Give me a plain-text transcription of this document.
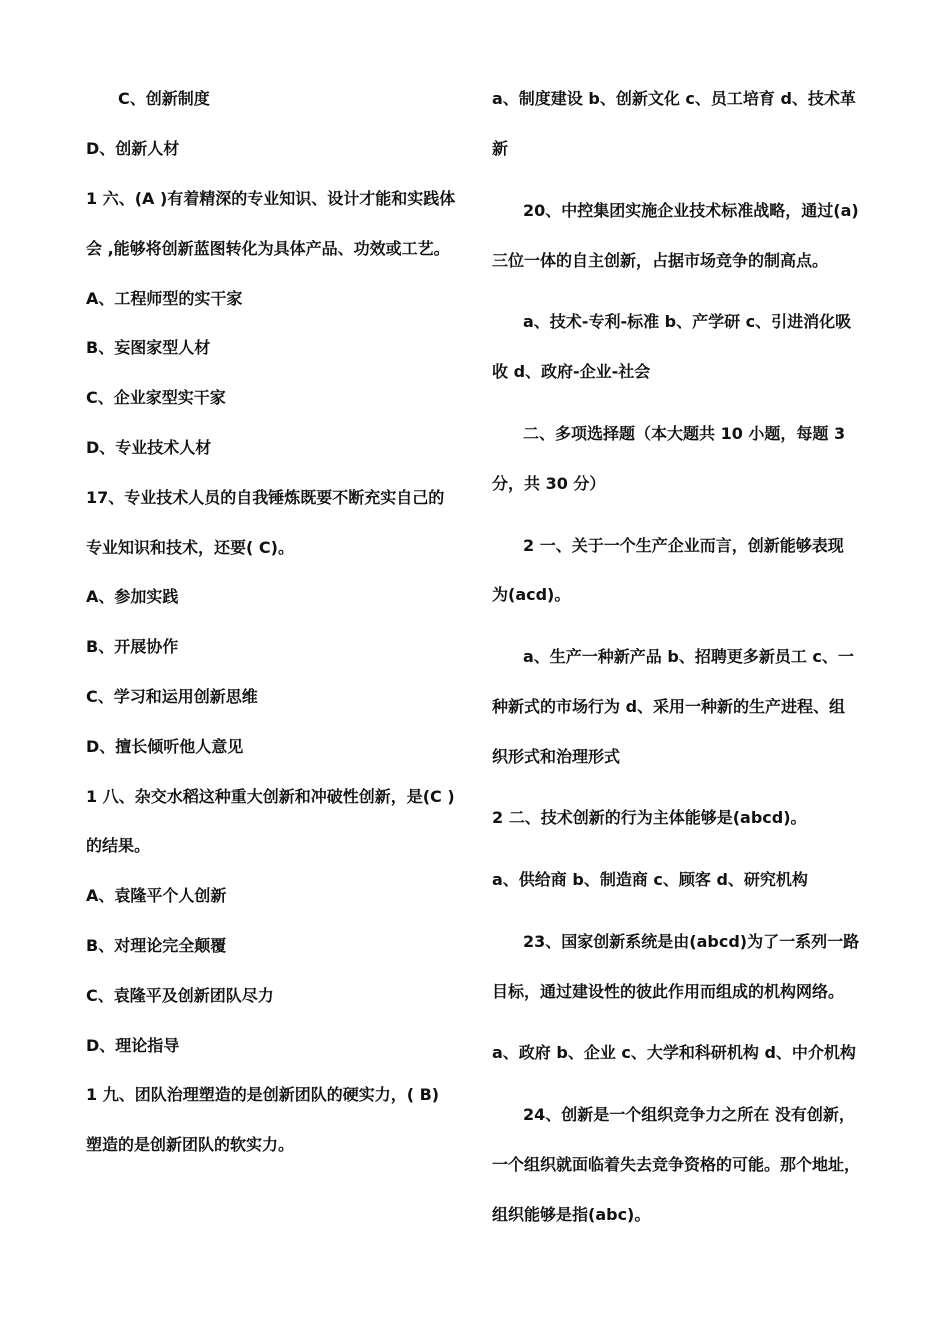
C、创新制度
D、创新人材
1 六、(A )有着精深的专业知识、设计才能和实践体
会 ,能够将创新蓝图转化为具体产品、功效或工艺。
A、工程师型的实干家
B、妄图家型人材
C、企业家型实干家
D、专业技术人材
17、专业技术人员的自我锤炼既要不断充实自己的
专业知识和技术，还要( C)。
A、参加实践
B、开展协作
C、学习和运用创新思维
D、擅长倾听他人意见
1 八、杂交水稻这种重大创新和冲破性创新，是(C )
的结果。
A、袁隆平个人创新
B、对理论完全颠覆
C、袁隆平及创新团队尽力
D、理论指导
1 九、团队治理塑造的是创新团队的硬实力，( B)
塑造的是创新团队的软实力。
a、制度建设 b、创新文化 c、员工培育 d、技术革
新
20、中控集团实施企业技术标准战略，通过(a)
三位一体的自主创新，占据市场竞争的制高点。
a、技术-专利-标准 b、产学研 c、引进消化吸
收 d、政府-企业-社会
二、多项选择题（本大题共 10 小题，每题 3
分，共 30 分）
2 一、关于一个生产企业而言，创新能够表现
为(acd)。
a、生产一种新产品 b、招聘更多新员工 c、一
种新式的市场行为 d、采用一种新的生产进程、组
织形式和治理形式
2 二、技术创新的行为主体能够是(abcd)。
a、供给商 b、制造商 c、顾客 d、研究机构
23、国家创新系统是由(abcd)为了一系列一路
目标，通过建设性的彼此作用而组成的机构网络。
a、政府 b、企业 c、大学和科研机构 d、中介机构
24、创新是一个组织竞争力之所在 没有创新，
一个组织就面临着失去竞争资格的可能。那个地址，
组织能够是指(abc)。
